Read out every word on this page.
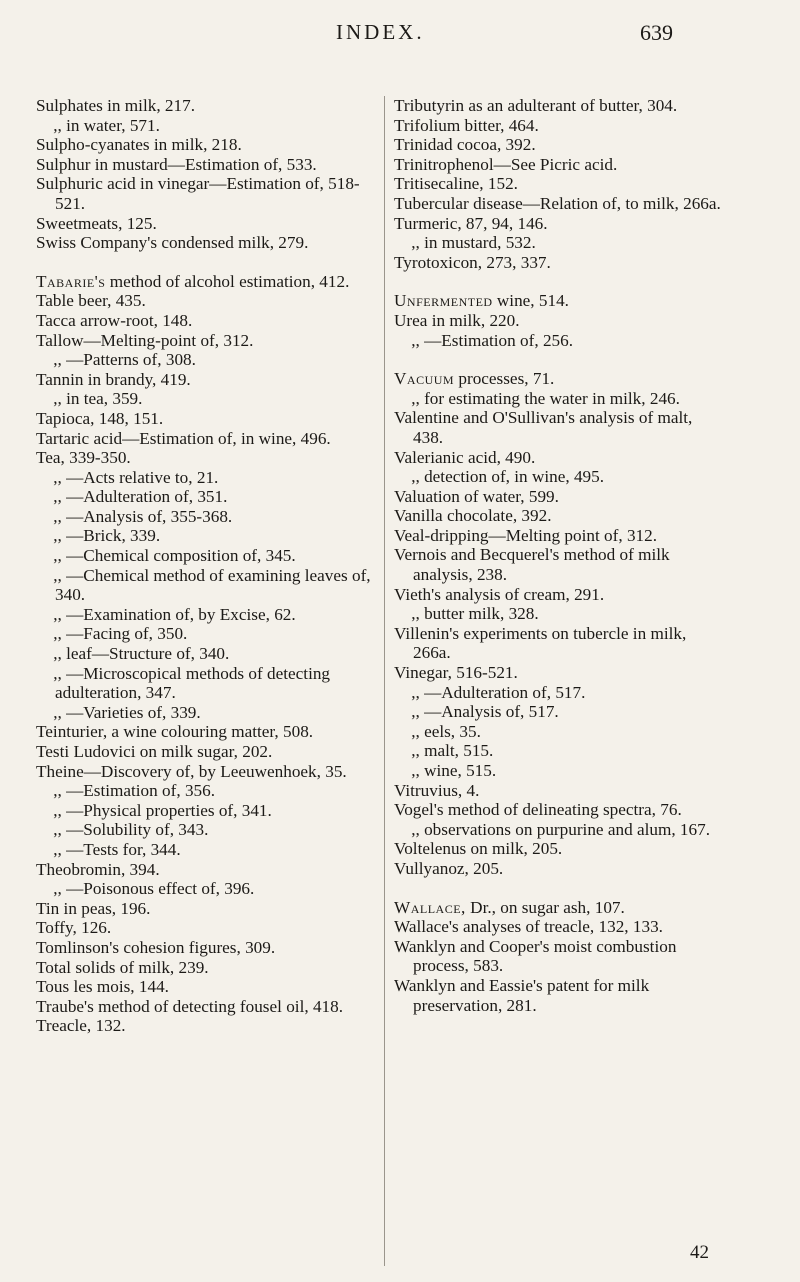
INDEX.	639

Sulphates in milk, 217.

 ,, in water, 571.

Sulpho-cyanates in milk, 218.

Sulphur in mustard—Estimation of, 533.

Sulphuric acid in vinegar—Estimation of, 518-521.

Sweetmeats, 125.

Swiss Company's condensed milk, 279.

Tabarie's method of alcohol estimation, 412.

Table beer, 435.

Tacca arrow-root, 148.

Tallow—Melting-point of, 312.

 ,, —Patterns of, 308.

Tannin in brandy, 419.

 ,, in tea, 359.

Tapioca, 148, 151.

Tartaric acid—Estimation of, in wine, 496.

Tea, 339-350.

 ,, —Acts relative to, 21.

 ,, —Adulteration of, 351.

 ,, —Analysis of, 355-368.

 ,, —Brick, 339.

 ,, —Chemical composition of, 345.

 ,, —Chemical method of examining leaves of, 340.

 ,, —Examination of, by Excise, 62.

 ,, —Facing of, 350.

 ,, leaf—Structure of, 340.

 ,, —Microscopical methods of detecting adulteration, 347.

 ,, —Varieties of, 339.

Teinturier, a wine colouring matter, 508.

Testi Ludovici on milk sugar, 202.

Theine—Discovery of, by Leeuwenhoek, 35.

 ,, —Estimation of, 356.

 ,, —Physical properties of, 341.

 ,, —Solubility of, 343.

 ,, —Tests for, 344.

Theobromin, 394.

 ,, —Poisonous effect of, 396.

Tin in peas, 196.

Toffy, 126.

Tomlinson's cohesion figures, 309.

Total solids of milk, 239.

Tous les mois, 144.

Traube's method of detecting fousel oil, 418.

Treacle, 132.

Tributyrin as an adulterant of butter, 304.

Trifolium bitter, 464.

Trinidad cocoa, 392.

Trinitrophenol—See Picric acid.

Tritisecaline, 152.

Tubercular disease—Relation of, to milk, 266a.

Turmeric, 87, 94, 146.

 ,, in mustard, 532.

Tyrotoxicon, 273, 337.

Unfermented wine, 514.

Urea in milk, 220.

 ,, —Estimation of, 256.

Vacuum processes, 71.

 ,, for estimating the water in milk, 246.

Valentine and O'Sullivan's analysis of malt, 438.

Valerianic acid, 490.

 ,, detection of, in wine, 495.

Valuation of water, 599.

Vanilla chocolate, 392.

Veal-dripping—Melting point of, 312.

Vernois and Becquerel's method of milk analysis, 238.

Vieth's analysis of cream, 291.

 ,, butter milk, 328.

Villenin's experiments on tubercle in milk, 266a.

Vinegar, 516-521.

 ,, —Adulteration of, 517.

 ,, —Analysis of, 517.

 ,, eels, 35.

 ,, malt, 515.

 ,, wine, 515.

Vitruvius, 4.

Vogel's method of delineating spectra, 76.

 ,, observations on purpurine and alum, 167.

Voltelenus on milk, 205.

Vullyanoz, 205.

Wallace, Dr., on sugar ash, 107.

Wallace's analyses of treacle, 132, 133.

Wanklyn and Cooper's moist combustion process, 583.

Wanklyn and Eassie's patent for milk preservation, 281.

42
